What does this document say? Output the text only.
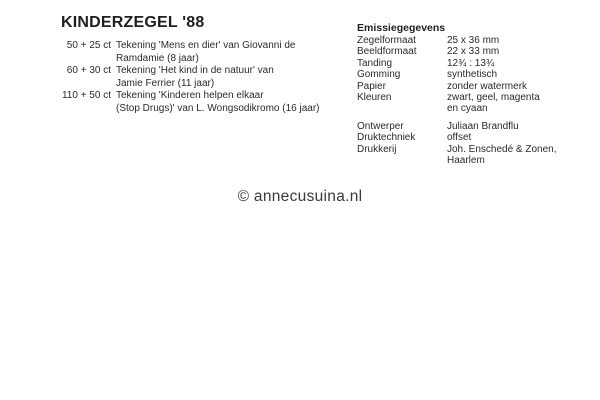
KINDERZEGEL '88
50 + 25 ct Tekening 'Mens en dier' van Giovanni de
Ramdamie (8 jaar)
60 + 30 ct Tekening 'Het kind in de natuur' van
Jamie Ferrier (11 jaar)
110 + 50 ct Tekening 'Kinderen helpen elkaar
(Stop Drugs)' van L. Wongsodikromo (16 jaar)
Emissiegegevens
Zegelformaat	25 x 36 mm
Beeldformaat	22 x 33 mm
Tanding	12¾ : 13¾
Gomming	synthetisch
Papier	zonder watermerk
Kleuren	zwart, geel, magenta
en cyaan
Ontwerper	Juliaan Brandflu
Druktechniek	offset
Drukkerij	Joh. Enschedé & Zonen,
Haarlem
© annecusuina.nl
